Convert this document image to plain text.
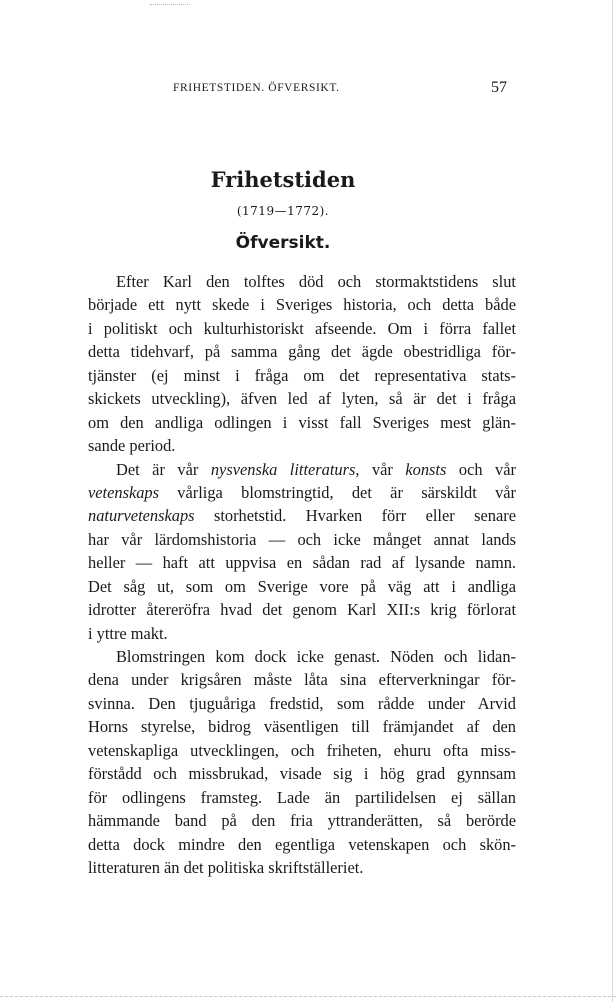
FRIHETSTIDEN. ÖFVERSIKT.	57
Frihetstiden
(1719—1772).
Öfversikt.
Efter Karl den tolftes död och stormaktstidens slut
började ett nytt skede i Sveriges historia, och detta både
i politiskt och kulturhistoriskt afseende. Om i förra fallet
detta tidehvarf, på samma gång det ägde obestridliga för-
tjänster (ej minst i fråga om det representativa stats-
skickets utveckling), äfven led af lyten, så är det i fråga
om den andliga odlingen i visst fall Sveriges mest glän-
sande period.
Det är vår nysvenska litteraturs, vår konsts och vår
vetenskaps vårliga blomstringtid, det är särskildt vår
naturvetenskaps storhetstid. Hvarken förr eller senare
har vår lärdomshistoria — och icke månget annat lands
heller — haft att uppvisa en sådan rad af lysande namn.
Det såg ut, som om Sverige vore på väg att i andliga
idrotter återeröfra hvad det genom Karl XII:s krig förlorat
i yttre makt.
Blomstringen kom dock icke genast. Nöden och lidan-
dena under krigsåren måste låta sina efterverkningar för-
svinna. Den tjuguåriga fredstid, som rådde under Arvid
Horns styrelse, bidrog väsentligen till främjandet af den
vetenskapliga utvecklingen, och friheten, ehuru ofta miss-
förstådd och missbrukad, visade sig i hög grad gynnsam
för odlingens framsteg. Lade än partilidelsen ej sällan
hämmande band på den fria yttranderätten, så berörde
detta dock mindre den egentliga vetenskapen och skön-
litteraturen än det politiska skriftställeriet.
